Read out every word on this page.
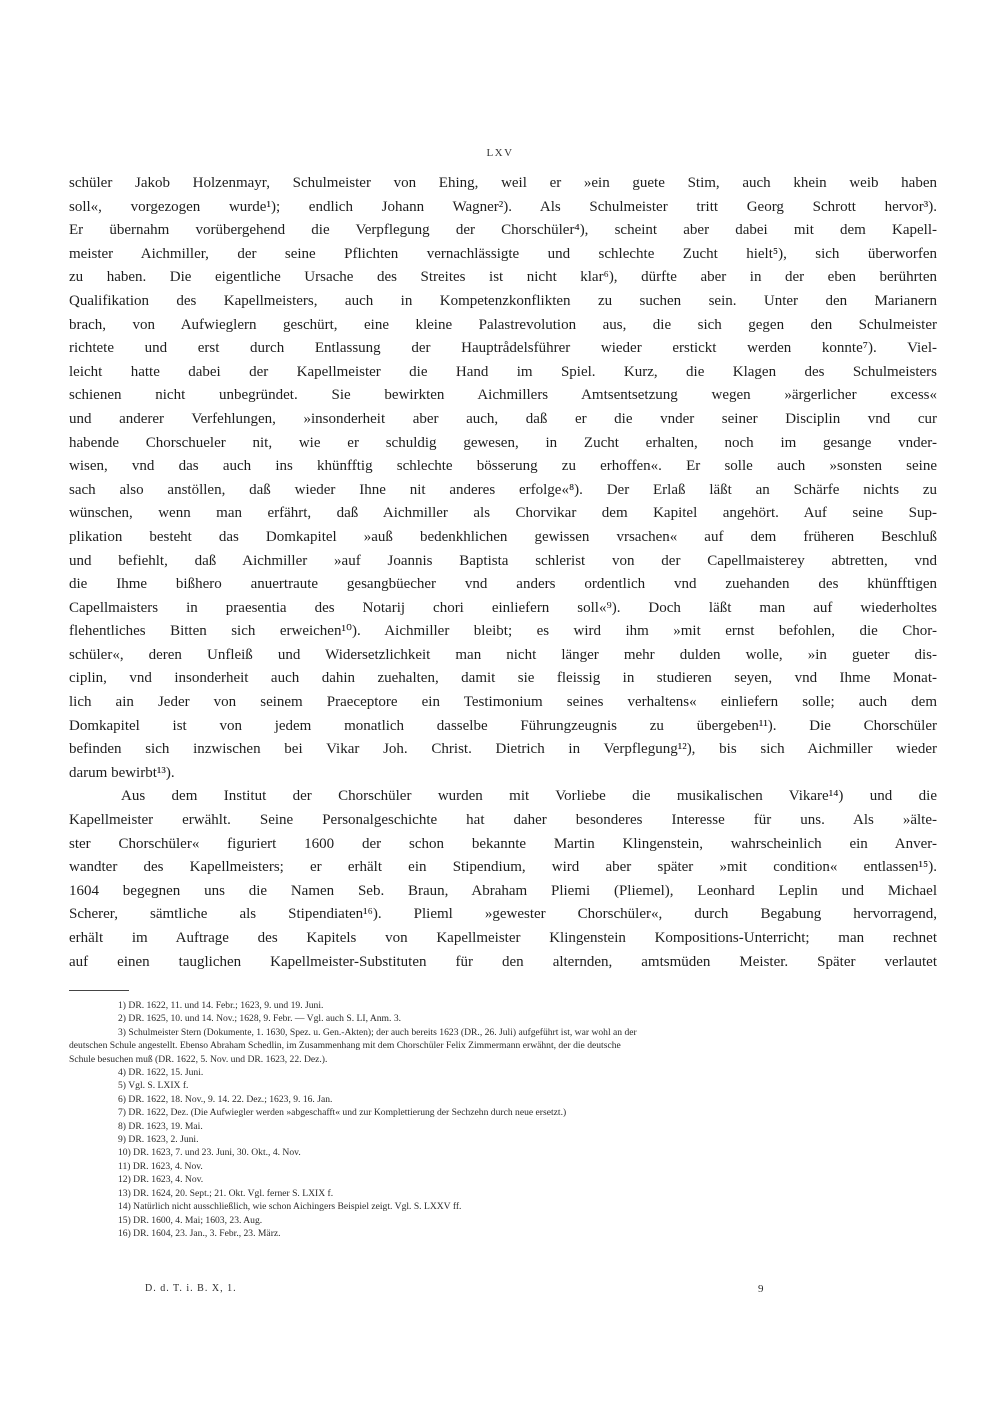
LXV
schüler Jakob Holzenmayr, Schulmeister von Ehing, weil er »ein guete Stim, auch khein weib haben
soll«, vorgezogen wurde¹); endlich Johann Wagner²). Als Schulmeister tritt Georg Schrott hervor³).
Er übernahm vorübergehend die Verpflegung der Chorschüler⁴), scheint aber dabei mit dem Kapell-
meister Aichmiller, der seine Pflichten vernachlässigte und schlechte Zucht hielt⁵), sich überworfen
zu haben. Die eigentliche Ursache des Streites ist nicht klar⁶), dürfte aber in der eben berührten
Qualifikation des Kapellmeisters, auch in Kompetenzkonflikten zu suchen sein. Unter den Marianern
brach, von Aufwieglern geschürt, eine kleine Palastrevolution aus, die sich gegen den Schulmeister
richtete und erst durch Entlassung der Hauptrådelsführer wieder erstickt werden konnte⁷). Viel-
leicht hatte dabei der Kapellmeister die Hand im Spiel. Kurz, die Klagen des Schulmeisters
schienen nicht unbegründet. Sie bewirkten Aichmillers Amtsentsetzung wegen »ärgerlicher excess«
und anderer Verfehlungen, »insonderheit aber auch, daß er die vnder seiner Disciplin vnd cur
habende Chorschueler nit, wie er schuldig gewesen, in Zucht erhalten, noch im gesange vnder-
wisen, vnd das auch ins khünfftig schlechte bösserung zu erhoffen«. Er solle auch »sonsten seine
sach also anstöllen, daß wieder Ihne nit anderes erfolge«⁸). Der Erlaß läßt an Schärfe nichts zu
wünschen, wenn man erfährt, daß Aichmiller als Chorvikar dem Kapitel angehört. Auf seine Sup-
plikation besteht das Domkapitel »auß bedenkhlichen gewissen vrsachen« auf dem früheren Beschluß
und befiehlt, daß Aichmiller »auf Joannis Baptista schlerist von der Capellmaisterey abtretten, vnd
die Ihme bißhero anuertraute gesangbüecher vnd anders ordentlich vnd zuehanden des khünfftigen
Capellmaisters in praesentia des Notarij chori einliefern soll«⁹). Doch läßt man auf wiederholtes
flehentliches Bitten sich erweichen¹⁰). Aichmiller bleibt; es wird ihm »mit ernst befohlen, die Chor-
schüler«, deren Unfleiß und Widersetzlichkeit man nicht länger mehr dulden wolle, »in gueter dis-
ciplin, vnd insonderheit auch dahin zuehalten, damit sie fleissig in studieren seyen, vnd Ihme Monat-
lich ain Jeder von seinem Praeceptore ein Testimonium seines verhaltens« einliefern solle; auch dem
Domkapitel ist von jedem monatlich dasselbe Führungzeugnis zu übergeben¹¹). Die Chorschüler
befinden sich inzwischen bei Vikar Joh. Christ. Dietrich in Verpflegung¹²), bis sich Aichmiller wieder
darum bewirbt¹³).
Aus dem Institut der Chorschüler wurden mit Vorliebe die musikalischen Vikare¹⁴) und die
Kapellmeister erwählt. Seine Personalgeschichte hat daher besonderes Interesse für uns. Als »älte-
ster Chorschüler« figuriert 1600 der schon bekannte Martin Klingenstein, wahrscheinlich ein Anver-
wandter des Kapellmeisters; er erhält ein Stipendium, wird aber später »mit condition« entlassen¹⁵).
1604 begegnen uns die Namen Seb. Braun, Abraham Pliemi (Pliemel), Leonhard Leplin und Michael
Scherer, sämtliche als Stipendiaten¹⁶). Plieml »gewester Chorschüler«, durch Begabung hervorragend,
erhält im Auftrage des Kapitels von Kapellmeister Klingenstein Kompositions-Unterricht; man rechnet
auf einen tauglichen Kapellmeister-Substituten für den alternden, amtsmüden Meister. Später verlautet
1) DR. 1622, 11. und 14. Febr.; 1623, 9. und 19. Juni.
2) DR. 1625, 10. und 14. Nov.; 1628, 9. Febr. — Vgl. auch S. LI, Anm. 3.
3) Schulmeister Stern (Dokumente, 1. 1630, Spez. u. Gen.-Akten); der auch bereits 1623 (DR., 26. Juli) aufgeführt ist, war wohl an der
deutschen Schule angestellt. Ebenso Abraham Schedlin, im Zusammenhang mit dem Chorschüler Felix Zimmermann erwähnt, der die deutsche
Schule besuchen muß (DR. 1622, 5. Nov. und DR. 1623, 22. Dez.).
4) DR. 1622, 15. Juni.
5) Vgl. S. LXIX f.
6) DR. 1622, 18. Nov., 9. 14. 22. Dez.; 1623, 9. 16. Jan.
7) DR. 1622, Dez. (Die Aufwiegler werden »abgeschafft« und zur Komplettierung der Sechzehn durch neue ersetzt.)
8) DR. 1623, 19. Mai.
9) DR. 1623, 2. Juni.
10) DR. 1623, 7. und 23. Juni, 30. Okt., 4. Nov.
11) DR. 1623, 4. Nov.
12) DR. 1623, 4. Nov.
13) DR. 1624, 20. Sept.; 21. Okt. Vgl. ferner S. LXIX f.
14) Natürlich nicht ausschließlich, wie schon Aichingers Beispiel zeigt. Vgl. S. LXXV ff.
15) DR. 1600, 4. Mai; 1603, 23. Aug.
16) DR. 1604, 23. Jan., 3. Febr., 23. März.
D. d. T. i. B. X, 1.	9
